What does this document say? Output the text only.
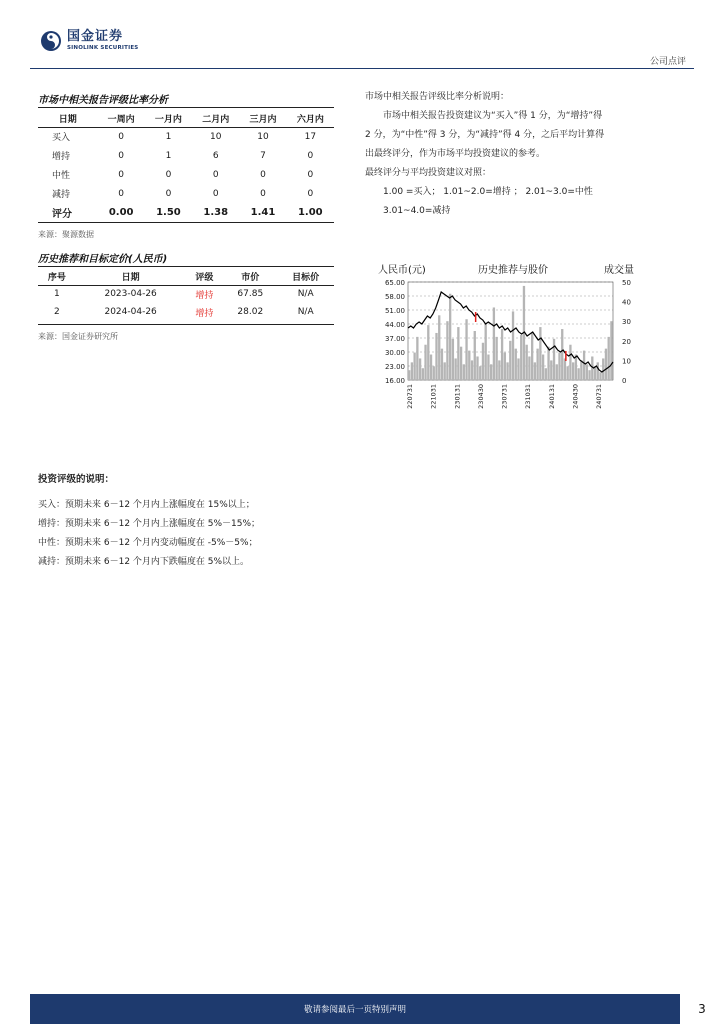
国金证券
SINOLINK SECURITIES
公司点评
市场中相关报告评级比率分析
日期	一周内	一月内	二月内	三月内	六月内
买入	0	1	10	10	17
增持	0	1	6	7	0
中性	0	0	0	0	0
减持	0	0	0	0	0
评分	0.00	1.50	1.38	1.41	1.00
来源：聚源数据
历史推荐和目标定价(人民币)
序号	日期	评级	市价	目标价
1	2023-04-26	增持	67.85	N/A
2	2024-04-26	增持	28.02	N/A
来源：国金证券研究所
市场中相关报告评级比率分析说明：
市场中相关报告投资建议为“买入”得 1 分，为“增持”得
2 分，为“中性”得 3 分，为“减持”得 4 分，之后平均计算得
出最终评分，作为市场平均投资建议的参考。
最终评分与平均投资建议对照：
1.00 =买入； 1.01~2.0=增持 ； 2.01~3.0=中性
3.01~4.0=减持
人民币(元)	历史推荐与股价	成交量
65.00
58.00
51.00
44.00
37.00
30.00
23.00
16.00
50
40
30
20
10
0
220731 221031 230131 230430 230731 231031 240131 240430 240731
投资评级的说明：
买入：预期未来 6－12 个月内上涨幅度在 15%以上；
增持：预期未来 6－12 个月内上涨幅度在 5%－15%；
中性：预期未来 6－12 个月内变动幅度在 -5%－5%；
减持：预期未来 6－12 个月内下跌幅度在 5%以上。
敬请参阅最后一页特别声明	3
